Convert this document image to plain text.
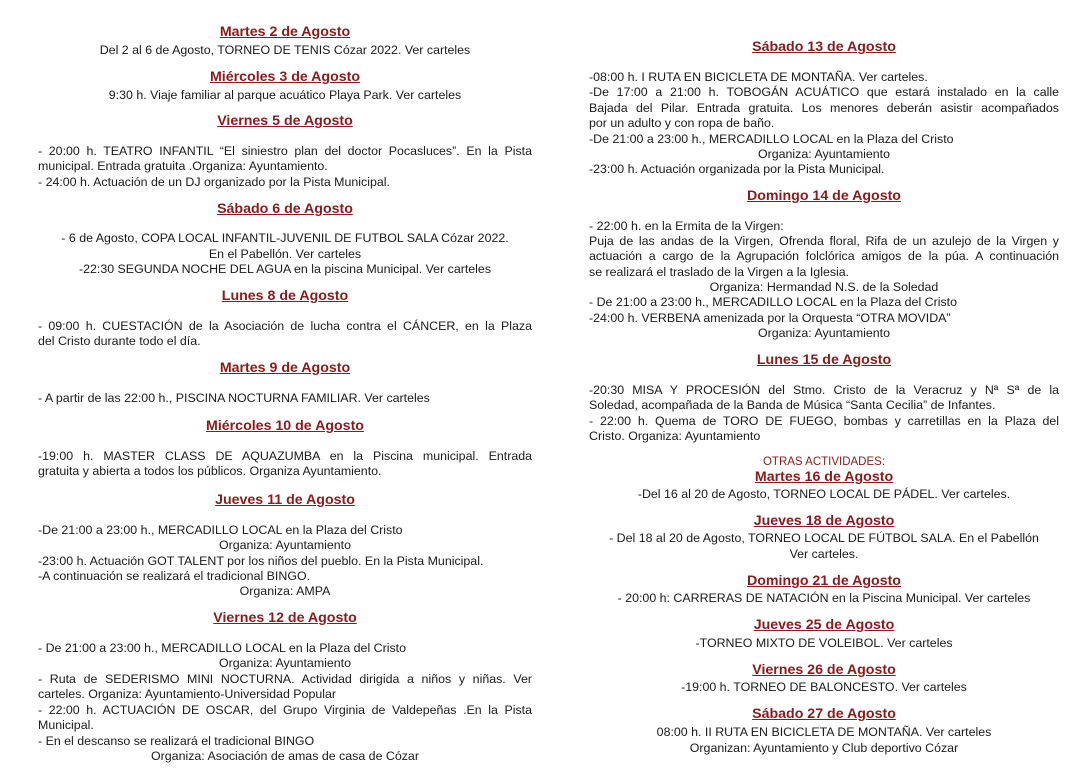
Martes 2 de Agosto
Del 2 al 6 de Agosto, TORNEO DE TENIS Cózar 2022. Ver carteles
Miércoles 3 de Agosto
9:30 h. Viaje familiar al parque acuático Playa Park. Ver carteles
Viernes 5 de Agosto
- 20:00 h. TEATRO INFANTIL “El siniestro plan del doctor Pocasluces”. En la Pista
municipal. Entrada gratuita .Organiza: Ayuntamiento.
- 24:00 h. Actuación de un DJ organizado por la Pista Municipal.
Sábado 6 de Agosto
- 6 de Agosto, COPA LOCAL INFANTIL-JUVENIL DE FUTBOL SALA Cózar 2022.
En el Pabellón. Ver carteles
-22:30 SEGUNDA NOCHE DEL AGUA en la piscina Municipal. Ver carteles
Lunes 8 de Agosto
- 09:00 h. CUESTACIÓN de la Asociación de lucha contra el CÁNCER, en la Plaza
del Cristo durante todo el día.
Martes 9 de Agosto
- A partir de las 22:00 h., PISCINA NOCTURNA FAMILIAR. Ver carteles
Miércoles 10 de Agosto
-19:00 h. MASTER CLASS DE AQUAZUMBA en la Piscina municipal. Entrada
gratuita y abierta a todos los públicos. Organiza Ayuntamiento.
Jueves 11 de Agosto
-De 21:00 a 23:00 h., MERCADILLO LOCAL en la Plaza del Cristo
Organiza: Ayuntamiento
-23:00 h. Actuación GOT TALENT por los niños del pueblo. En la Pista Municipal.
-A continuación se realizará el tradicional BINGO.
Organiza: AMPA
Viernes 12 de Agosto
- De 21:00 a 23:00 h., MERCADILLO LOCAL en la Plaza del Cristo
Organiza: Ayuntamiento
- Ruta de SEDERISMO MINI NOCTURNA. Actividad dirigida a niños y niñas. Ver
carteles. Organiza: Ayuntamiento-Universidad Popular
- 22:00 h. ACTUACIÓN DE OSCAR, del Grupo Virginia de Valdepeñas .En la Pista
Municipal.
- En el descanso se realizará el tradicional BINGO
Organiza: Asociación de amas de casa de Cózar
Sábado 13 de Agosto
-08:00 h. I RUTA EN BICICLETA DE MONTAÑA. Ver carteles.
-De 17:00 a 21:00 h. TOBOGÁN ACUÁTICO que estará instalado en la calle
Bajada del Pilar. Entrada gratuita. Los menores deberán asistir acompañados
por un adulto y con ropa de baño.
-De 21:00 a 23:00 h., MERCADILLO LOCAL en la Plaza del Cristo
Organiza: Ayuntamiento
-23:00 h. Actuación organizada por la Pista Municipal.
Domingo 14 de Agosto
- 22:00 h. en la Ermita de la Virgen:
Puja de las andas de la Virgen, Ofrenda floral, Rifa de un azulejo de la Virgen y
actuación a cargo de la Agrupación folclórica amigos de la púa. A continuación
se realizará el traslado de la Virgen a la Iglesia.
Organiza: Hermandad N.S. de la Soledad
- De 21:00 a 23:00 h., MERCADILLO LOCAL en la Plaza del Cristo
-24:00 h. VERBENA amenizada por la Orquesta “OTRA MOVIDA”
Organiza: Ayuntamiento
Lunes 15 de Agosto
-20:30 MISA Y PROCESIÓN del Stmo. Cristo de la Veracruz y Nª Sª de la
Soledad, acompañada de la Banda de Música “Santa Cecilia” de Infantes.
- 22:00 h. Quema de TORO DE FUEGO, bombas y carretillas en la Plaza del
Cristo. Organiza: Ayuntamiento
OTRAS ACTIVIDADES:
Martes 16 de Agosto
-Del 16 al 20 de Agosto, TORNEO LOCAL DE PÁDEL. Ver carteles.
Jueves 18 de Agosto
- Del 18 al 20 de Agosto, TORNEO LOCAL DE FÚTBOL SALA. En el Pabellón
Ver carteles.
Domingo 21 de Agosto
- 20:00 h: CARRERAS DE NATACIÓN en la Piscina Municipal. Ver carteles
Jueves 25 de Agosto
-TORNEO MIXTO DE VOLEIBOL. Ver carteles
Viernes 26 de Agosto
-19:00 h. TORNEO DE BALONCESTO. Ver carteles
Sábado 27 de Agosto
08:00 h. II RUTA EN BICICLETA DE MONTAÑA. Ver carteles
Organizan: Ayuntamiento y Club deportivo Cózar
